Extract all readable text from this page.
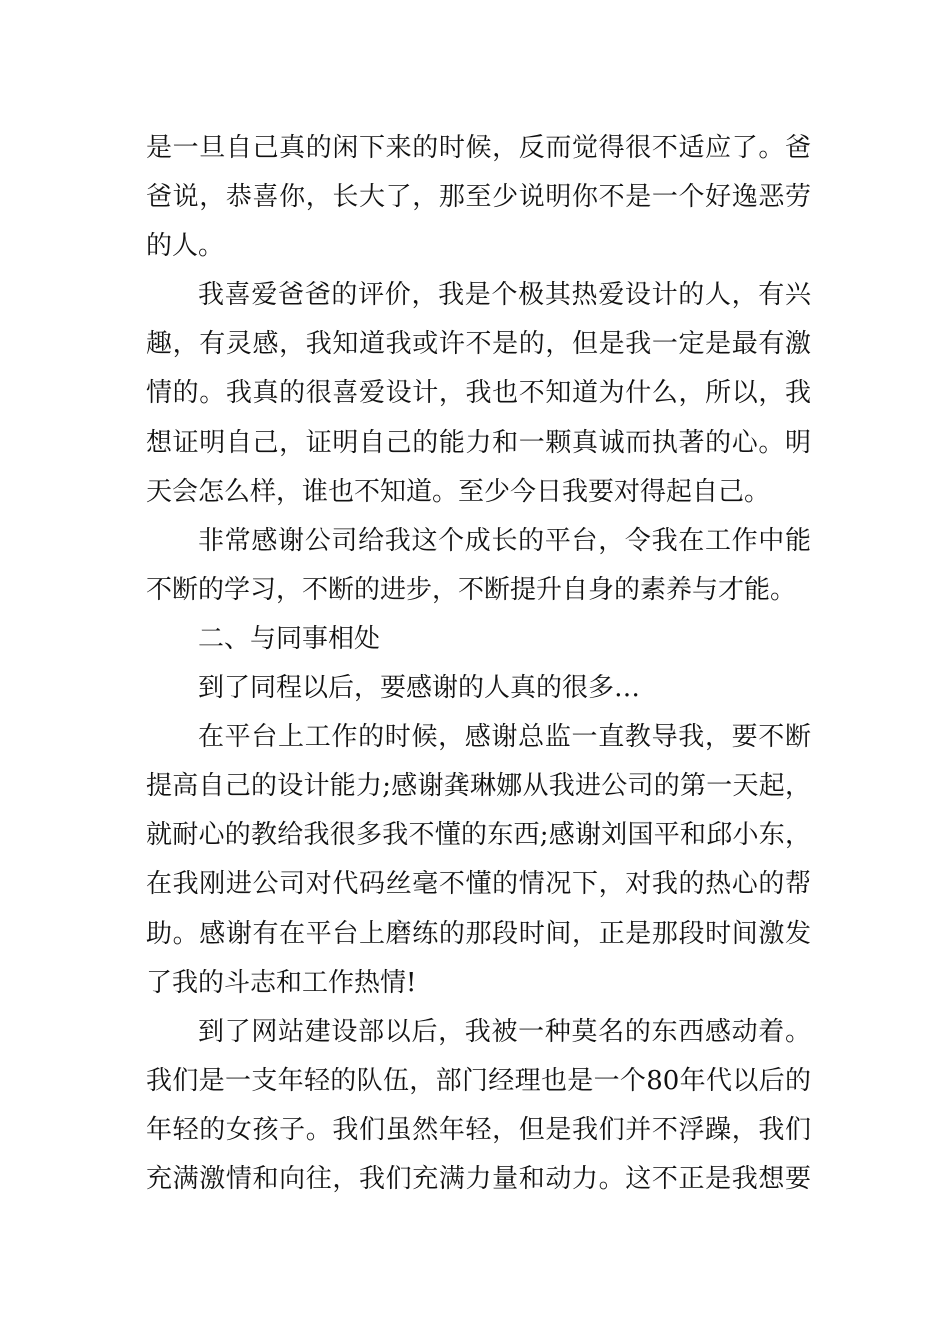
是一旦自己真的闲下来的时候，反而觉得很不适应了。爸
爸说，恭喜你，长大了，那至少说明你不是一个好逸恶劳
的人。
我喜爱爸爸的评价，我是个极其热爱设计的人，有兴
趣，有灵感，我知道我或许不是的，但是我一定是最有激
情的。我真的很喜爱设计，我也不知道为什么，所以，我
想证明自己，证明自己的能力和一颗真诚而执著的心。明
天会怎么样，谁也不知道。至少今日我要对得起自己。
非常感谢公司给我这个成长的平台，令我在工作中能
不断的学习，不断的进步，不断提升自身的素养与才能。
二、与同事相处
到了同程以后，要感谢的人真的很多…
在平台上工作的时候，感谢总监一直教导我，要不断
提高自己的设计能力;感谢龚琳娜从我进公司的第一天起，
就耐心的教给我很多我不懂的东西;感谢刘国平和邱小东，
在我刚进公司对代码丝毫不懂的情况下，对我的热心的帮
助。感谢有在平台上磨练的那段时间，正是那段时间激发
了我的斗志和工作热情!
到了网站建设部以后，我被一种莫名的东西感动着。
我们是一支年轻的队伍，部门经理也是一个80年代以后的
年轻的女孩子。我们虽然年轻，但是我们并不浮躁，我们
充满激情和向往，我们充满力量和动力。这不正是我想要
